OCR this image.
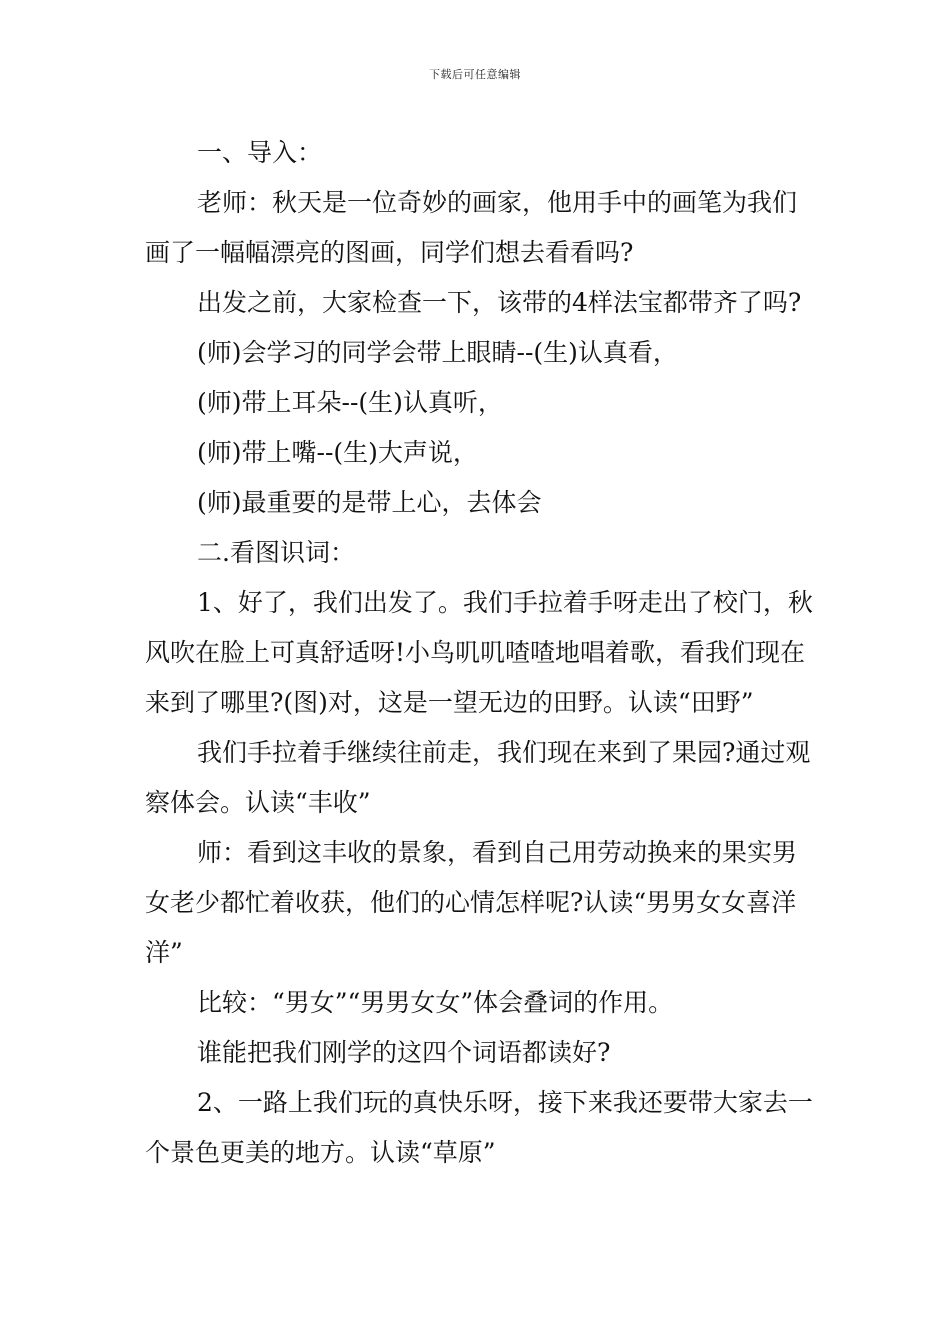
下载后可任意编辑

一、导入：

老师：秋天是一位奇妙的画家，他用手中的画笔为我们画了一幅幅漂亮的图画，同学们想去看看吗?

出发之前，大家检查一下，该带的4样法宝都带齐了吗?

(师)会学习的同学会带上眼睛--(生)认真看，

(师)带上耳朵--(生)认真听，

(师)带上嘴--(生)大声说，

(师)最重要的是带上心，去体会

二.看图识词：

1、好了，我们出发了。我们手拉着手呀走出了校门，秋风吹在脸上可真舒适呀!小鸟叽叽喳喳地唱着歌，看我们现在来到了哪里?(图)对，这是一望无边的田野。认读“田野”

我们手拉着手继续往前走，我们现在来到了果园?通过观察体会。认读“丰收”

师：看到这丰收的景象，看到自己用劳动换来的果实男女老少都忙着收获，他们的心情怎样呢?认读“男男女女喜洋洋”

比较：“男女”“男男女女”体会叠词的作用。

谁能把我们刚学的这四个词语都读好?

2、一路上我们玩的真快乐呀，接下来我还要带大家去一个景色更美的地方。认读“草原”
